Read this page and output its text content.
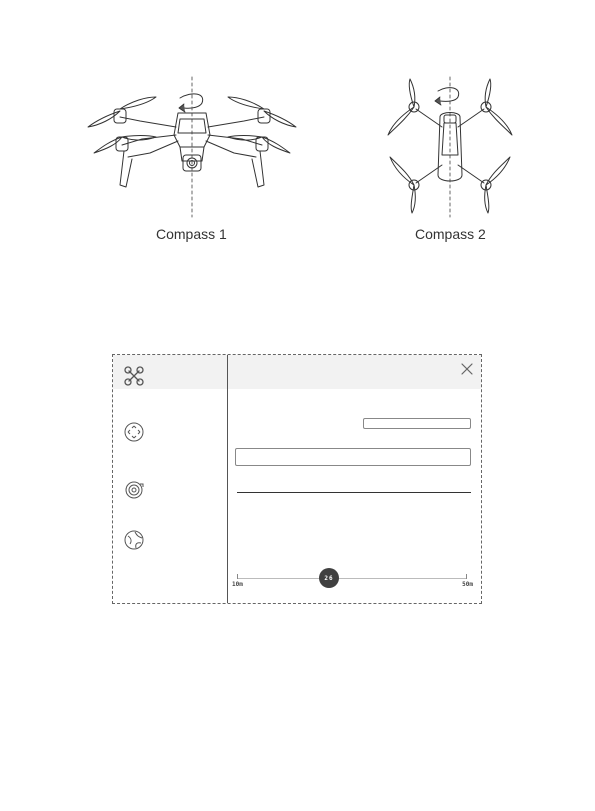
Compass 1	Compass 2
10m	50m
26
